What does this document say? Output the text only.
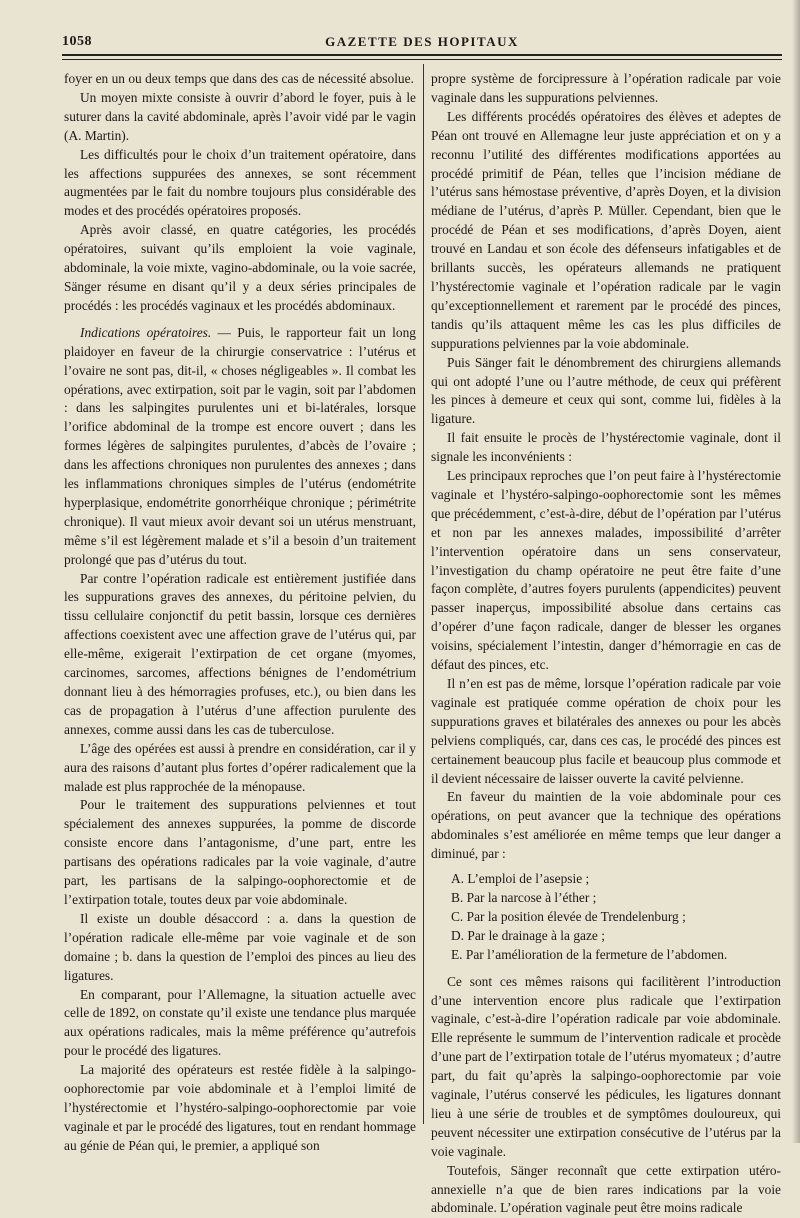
1058	GAZETTE DES HOPITAUX

foyer en un ou deux temps que dans des cas de nécessité absolue.

Un moyen mixte consiste à ouvrir d’abord le foyer, puis à le suturer dans la cavité abdominale, après l’avoir vidé par le vagin (A. Martin).

Les difficultés pour le choix d’un traitement opératoire, dans les affections suppurées des annexes, se sont récemment augmentées par le fait du nombre toujours plus considérable des modes et des procédés opératoires proposés.

Après avoir classé, en quatre catégories, les procédés opératoires, suivant qu’ils emploient la voie vaginale, abdominale, la voie mixte, vagino-abdominale, ou la voie sacrée, Sänger résume en disant qu’il y a deux séries principales de procédés : les procédés vaginaux et les procédés abdominaux.

Indications opératoires. — Puis, le rapporteur fait un long plaidoyer en faveur de la chirurgie conservatrice : l’utérus et l’ovaire ne sont pas, dit-il, « choses négligeables ». Il combat les opérations, avec extirpation, soit par le vagin, soit par l’abdomen : dans les salpingites purulentes uni et bi-latérales, lorsque l’orifice abdominal de la trompe est encore ouvert ; dans les formes légères de salpingites purulentes, d’abcès de l’ovaire ; dans les affections chroniques non purulentes des annexes ; dans les inflammations chroniques simples de l’utérus (endométrite hyperplasique, endométrite gonorrhéique chronique ; périmétrite chronique). Il vaut mieux avoir devant soi un utérus menstruant, même s’il est légèrement malade et s’il a besoin d’un traitement prolongé que pas d’utérus du tout.

Par contre l’opération radicale est entièrement justifiée dans les suppurations graves des annexes, du péritoine pelvien, du tissu cellulaire conjonctif du petit bassin, lorsque ces dernières affections coexistent avec une affection grave de l’utérus qui, par elle-même, exigerait l’extirpation de cet organe (myomes, carcinomes, sarcomes, affections bénignes de l’endométrium donnant lieu à des hémorragies profuses, etc.), ou bien dans les cas de propagation à l’utérus d’une affection purulente des annexes, comme aussi dans les cas de tuberculose.

L’âge des opérées est aussi à prendre en considération, car il y aura des raisons d’autant plus fortes d’opérer radicalement que la malade est plus rapprochée de la ménopause.

Pour le traitement des suppurations pelviennes et tout spécialement des annexes suppurées, la pomme de discorde consiste encore dans l’antagonisme, d’une part, entre les partisans des opérations radicales par la voie vaginale, d’autre part, les partisans de la salpingo-oophorectomie et de l’extirpation totale, toutes deux par voie abdominale.

Il existe un double désaccord : a. dans la question de l’opération radicale elle-même par voie vaginale et de son domaine ; b. dans la question de l’emploi des pinces au lieu des ligatures.

En comparant, pour l’Allemagne, la situation actuelle avec celle de 1892, on constate qu’il existe une tendance plus marquée aux opérations radicales, mais la même préférence qu’autrefois pour le procédé des ligatures.

La majorité des opérateurs est restée fidèle à la salpingo-oophorectomie par voie abdominale et à l’emploi limité de l’hystérectomie et l’hystéro-salpingo-oophorectomie par voie vaginale et par le procédé des ligatures, tout en rendant hommage au génie de Péan qui, le premier, a appliqué son

propre système de forcipressure à l’opération radicale par voie vaginale dans les suppurations pelviennes.

Les différents procédés opératoires des élèves et adeptes de Péan ont trouvé en Allemagne leur juste appréciation et on y a reconnu l’utilité des différentes modifications apportées au procédé primitif de Péan, telles que l’incision médiane de l’utérus sans hémostase préventive, d’après Doyen, et la division médiane de l’utérus, d’après P. Müller. Cependant, bien que le procédé de Péan et ses modifications, d’après Doyen, aient trouvé en Landau et son école des défenseurs infatigables et de brillants succès, les opérateurs allemands ne pratiquent l’hystérectomie vaginale et l’opération radicale par le vagin qu’exceptionnellement et rarement par le procédé des pinces, tandis qu’ils attaquent même les cas les plus difficiles de suppurations pelviennes par la voie abdominale.

Puis Sänger fait le dénombrement des chirurgiens allemands qui ont adopté l’une ou l’autre méthode, de ceux qui préfèrent les pinces à demeure et ceux qui sont, comme lui, fidèles à la ligature.

Il fait ensuite le procès de l’hystérectomie vaginale, dont il signale les inconvénients :

Les principaux reproches que l’on peut faire à l’hystérectomie vaginale et l’hystéro-salpingo-oophorectomie sont les mêmes que précédemment, c’est-à-dire, début de l’opération par l’utérus et non par les annexes malades, impossibilité d’arrêter l’intervention opératoire dans un sens conservateur, l’investigation du champ opératoire ne peut être faite d’une façon complète, d’autres foyers purulents (appendicites) peuvent passer inaperçus, impossibilité absolue dans certains cas d’opérer d’une façon radicale, danger de blesser les organes voisins, spécialement l’intestin, danger d’hémorragie en cas de défaut des pinces, etc.

Il n’en est pas de même, lorsque l’opération radicale par voie vaginale est pratiquée comme opération de choix pour les suppurations graves et bilatérales des annexes ou pour les abcès pelviens compliqués, car, dans ces cas, le procédé des pinces est certainement beaucoup plus facile et beaucoup plus commode et il devient nécessaire de laisser ouverte la cavité pelvienne.

En faveur du maintien de la voie abdominale pour ces opérations, on peut avancer que la technique des opérations abdominales s’est améliorée en même temps que leur danger a diminué, par :

A. L’emploi de l’asepsie ;

B. Par la narcose à l’éther ;

C. Par la position élevée de Trendelenburg ;

D. Par le drainage à la gaze ;

E. Par l’amélioration de la fermeture de l’abdomen.

Ce sont ces mêmes raisons qui facilitèrent l’introduction d’une intervention encore plus radicale que l’extirpation vaginale, c’est-à-dire l’opération radicale par voie abdominale. Elle représente le summum de l’intervention radicale et procède d’une part de l’extirpation totale de l’utérus myomateux ; d’autre part, du fait qu’après la salpingo-oophorectomie par voie vaginale, l’utérus conservé les pédicules, les ligatures donnant lieu à une série de troubles et de symptômes douloureux, qui peuvent nécessiter une extirpation consécutive de l’utérus par la voie vaginale.

Toutefois, Sänger reconnaît que cette extirpation utéro-annexielle n’a que de bien rares indications par la voie abdominale. L’opération vaginale peut être moins radicale
